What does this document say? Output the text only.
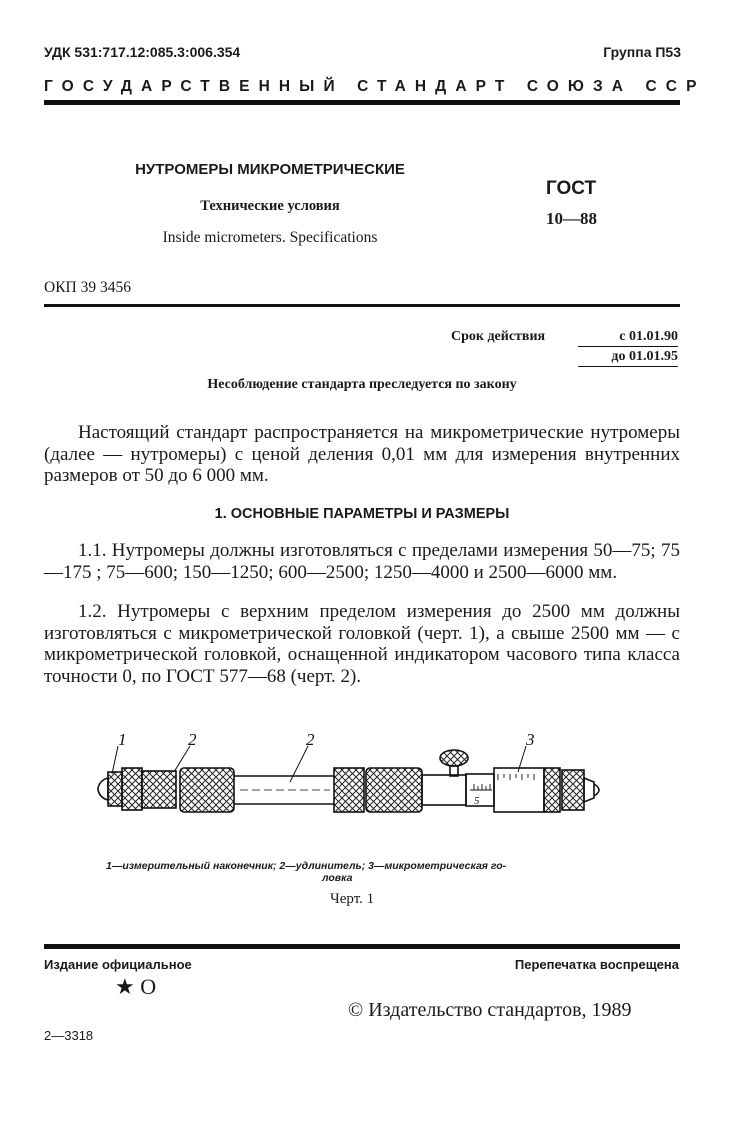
УДК 531:717.12:085.3:006.354	Группа П53
ГОСУДАРСТВЕННЫЙ СТАНДАРТ СОЮЗА ССР
НУТРОМЕРЫ МИКРОМЕТРИЧЕСКИЕ
Технические условия
Inside micrometers. Specifications
ГОСТ
10—88
ОКП 39 3456
Срок действия	с 01.01.90
до 01.01.95
Несоблюдение стандарта преследуется по закону
Настоящий стандарт распространяется на микрометрические нутромеры (далее — нутромеры) с ценой деления 0,01 мм для измерения внутренних размеров от 50 до 6 000 мм.
1. ОСНОВНЫЕ ПАРАМЕТРЫ И РАЗМЕРЫ
1.1. Нутромеры должны изготовляться с пределами измерения 50—75; 75—175 ; 75—600; 150—1250; 600—2500; 1250—4000 и 2500—6000 мм.
1.2. Нутромеры с верхним пределом измерения до 2500 мм должны изготовляться с микрометрической головкой (черт. 1), а свыше 2500 мм — с микрометрической головкой, оснащенной индикатором часового типа класса точности 0, по ГОСТ 577—68 (черт. 2).
1	2	2	3
5
1—измерительный наконечник; 2—удлинитель; 3—микрометрическая го-
ловка
Черт. 1
Издание официальное	Перепечатка воспрещена
★ О
© Издательство стандартов, 1989
2—3318
